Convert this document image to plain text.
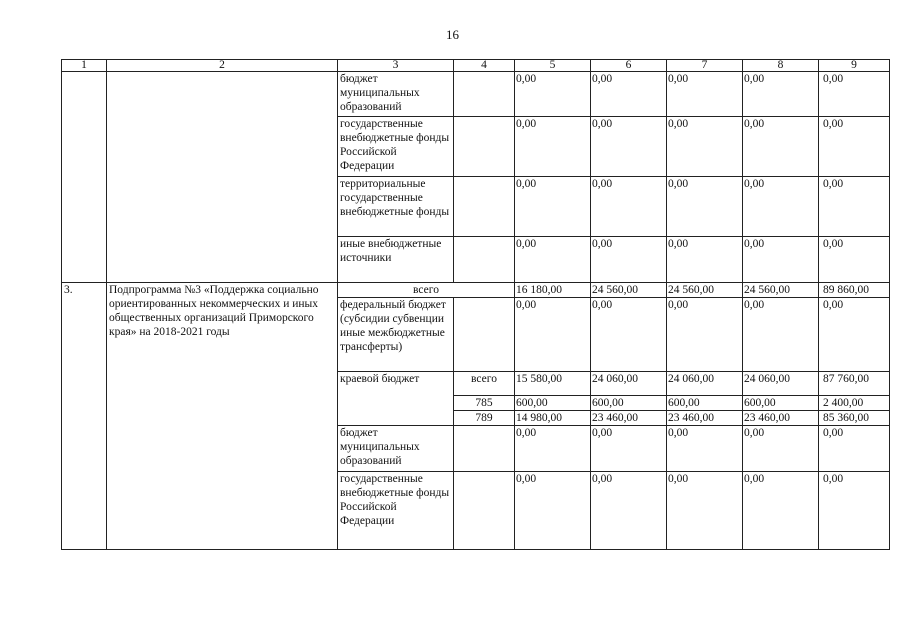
16
1	2	3	4	5	6	7	8	9
		бюджет муниципальных образований		0,00	0,00	0,00	0,00	0,00
		государственные внебюджетные фонды Российской Федерации		0,00	0,00	0,00	0,00	0,00
		территориальные государственные внебюджетные фонды		0,00	0,00	0,00	0,00	0,00
		иные внебюджетные источники		0,00	0,00	0,00	0,00	0,00
3.	Подпрограмма №3 «Поддержка социально ориентированных некоммерческих и иных общественных организаций Приморского края» на 2018-2021 годы	всего		16 180,00	24 560,00	24 560,00	24 560,00	89 860,00
		федеральный бюджет (субсидии субвенции иные межбюджетные трансферты)		0,00	0,00	0,00	0,00	0,00
		краевой бюджет	всего	15 580,00	24 060,00	24 060,00	24 060,00	87 760,00
			785	600,00	600,00	600,00	600,00	2 400,00
			789	14 980,00	23 460,00	23 460,00	23 460,00	85 360,00
		бюджет муниципальных образований		0,00	0,00	0,00	0,00	0,00
		государственные внебюджетные фонды Российской Федерации		0,00	0,00	0,00	0,00	0,00
